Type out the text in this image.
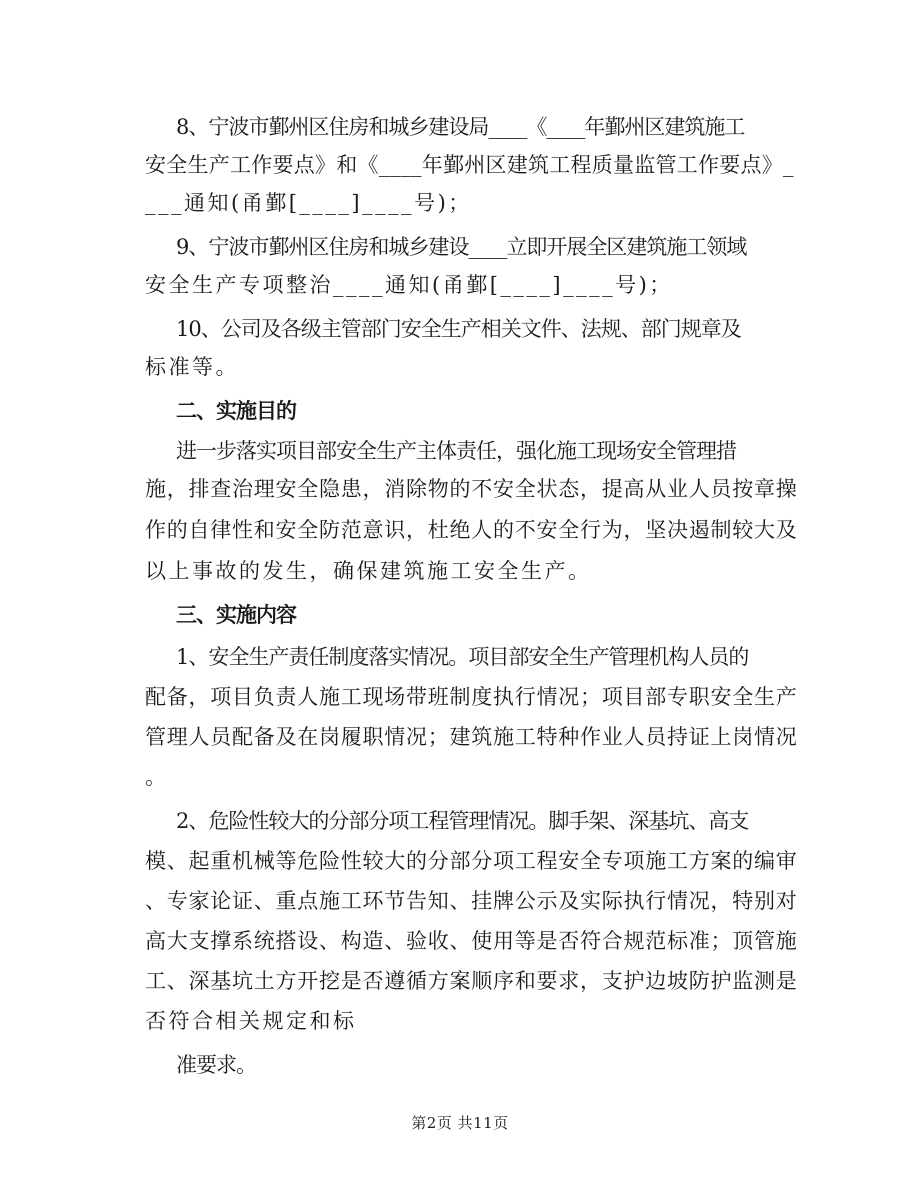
8、宁波市鄞州区住房和城乡建设局____《____年鄞州区建筑施工
安全生产工作要点》和《____年鄞州区建筑工程质量监管工作要点》_
___通知(甬鄞[____]____号)；
9、宁波市鄞州区住房和城乡建设____立即开展全区建筑施工领域
安全生产专项整治____通知(甬鄞[____]____号)；
10、公司及各级主管部门安全生产相关文件、法规、部门规章及
标准等。
二、实施目的
进一步落实项目部安全生产主体责任，强化施工现场安全管理措
施，排查治理安全隐患，消除物的不安全状态，提高从业人员按章操
作的自律性和安全防范意识，杜绝人的不安全行为，坚决遏制较大及
以上事故的发生，确保建筑施工安全生产。
三、实施内容
1、安全生产责任制度落实情况。项目部安全生产管理机构人员的
配备，项目负责人施工现场带班制度执行情况；项目部专职安全生产
管理人员配备及在岗履职情况；建筑施工特种作业人员持证上岗情况
。
2、危险性较大的分部分项工程管理情况。脚手架、深基坑、高支
模、起重机械等危险性较大的分部分项工程安全专项施工方案的编审
、专家论证、重点施工环节告知、挂牌公示及实际执行情况，特别对
高大支撑系统搭设、构造、验收、使用等是否符合规范标准；顶管施
工、深基坑土方开挖是否遵循方案顺序和要求，支护边坡防护监测是
否符合相关规定和标
准要求。
第2页 共11页
